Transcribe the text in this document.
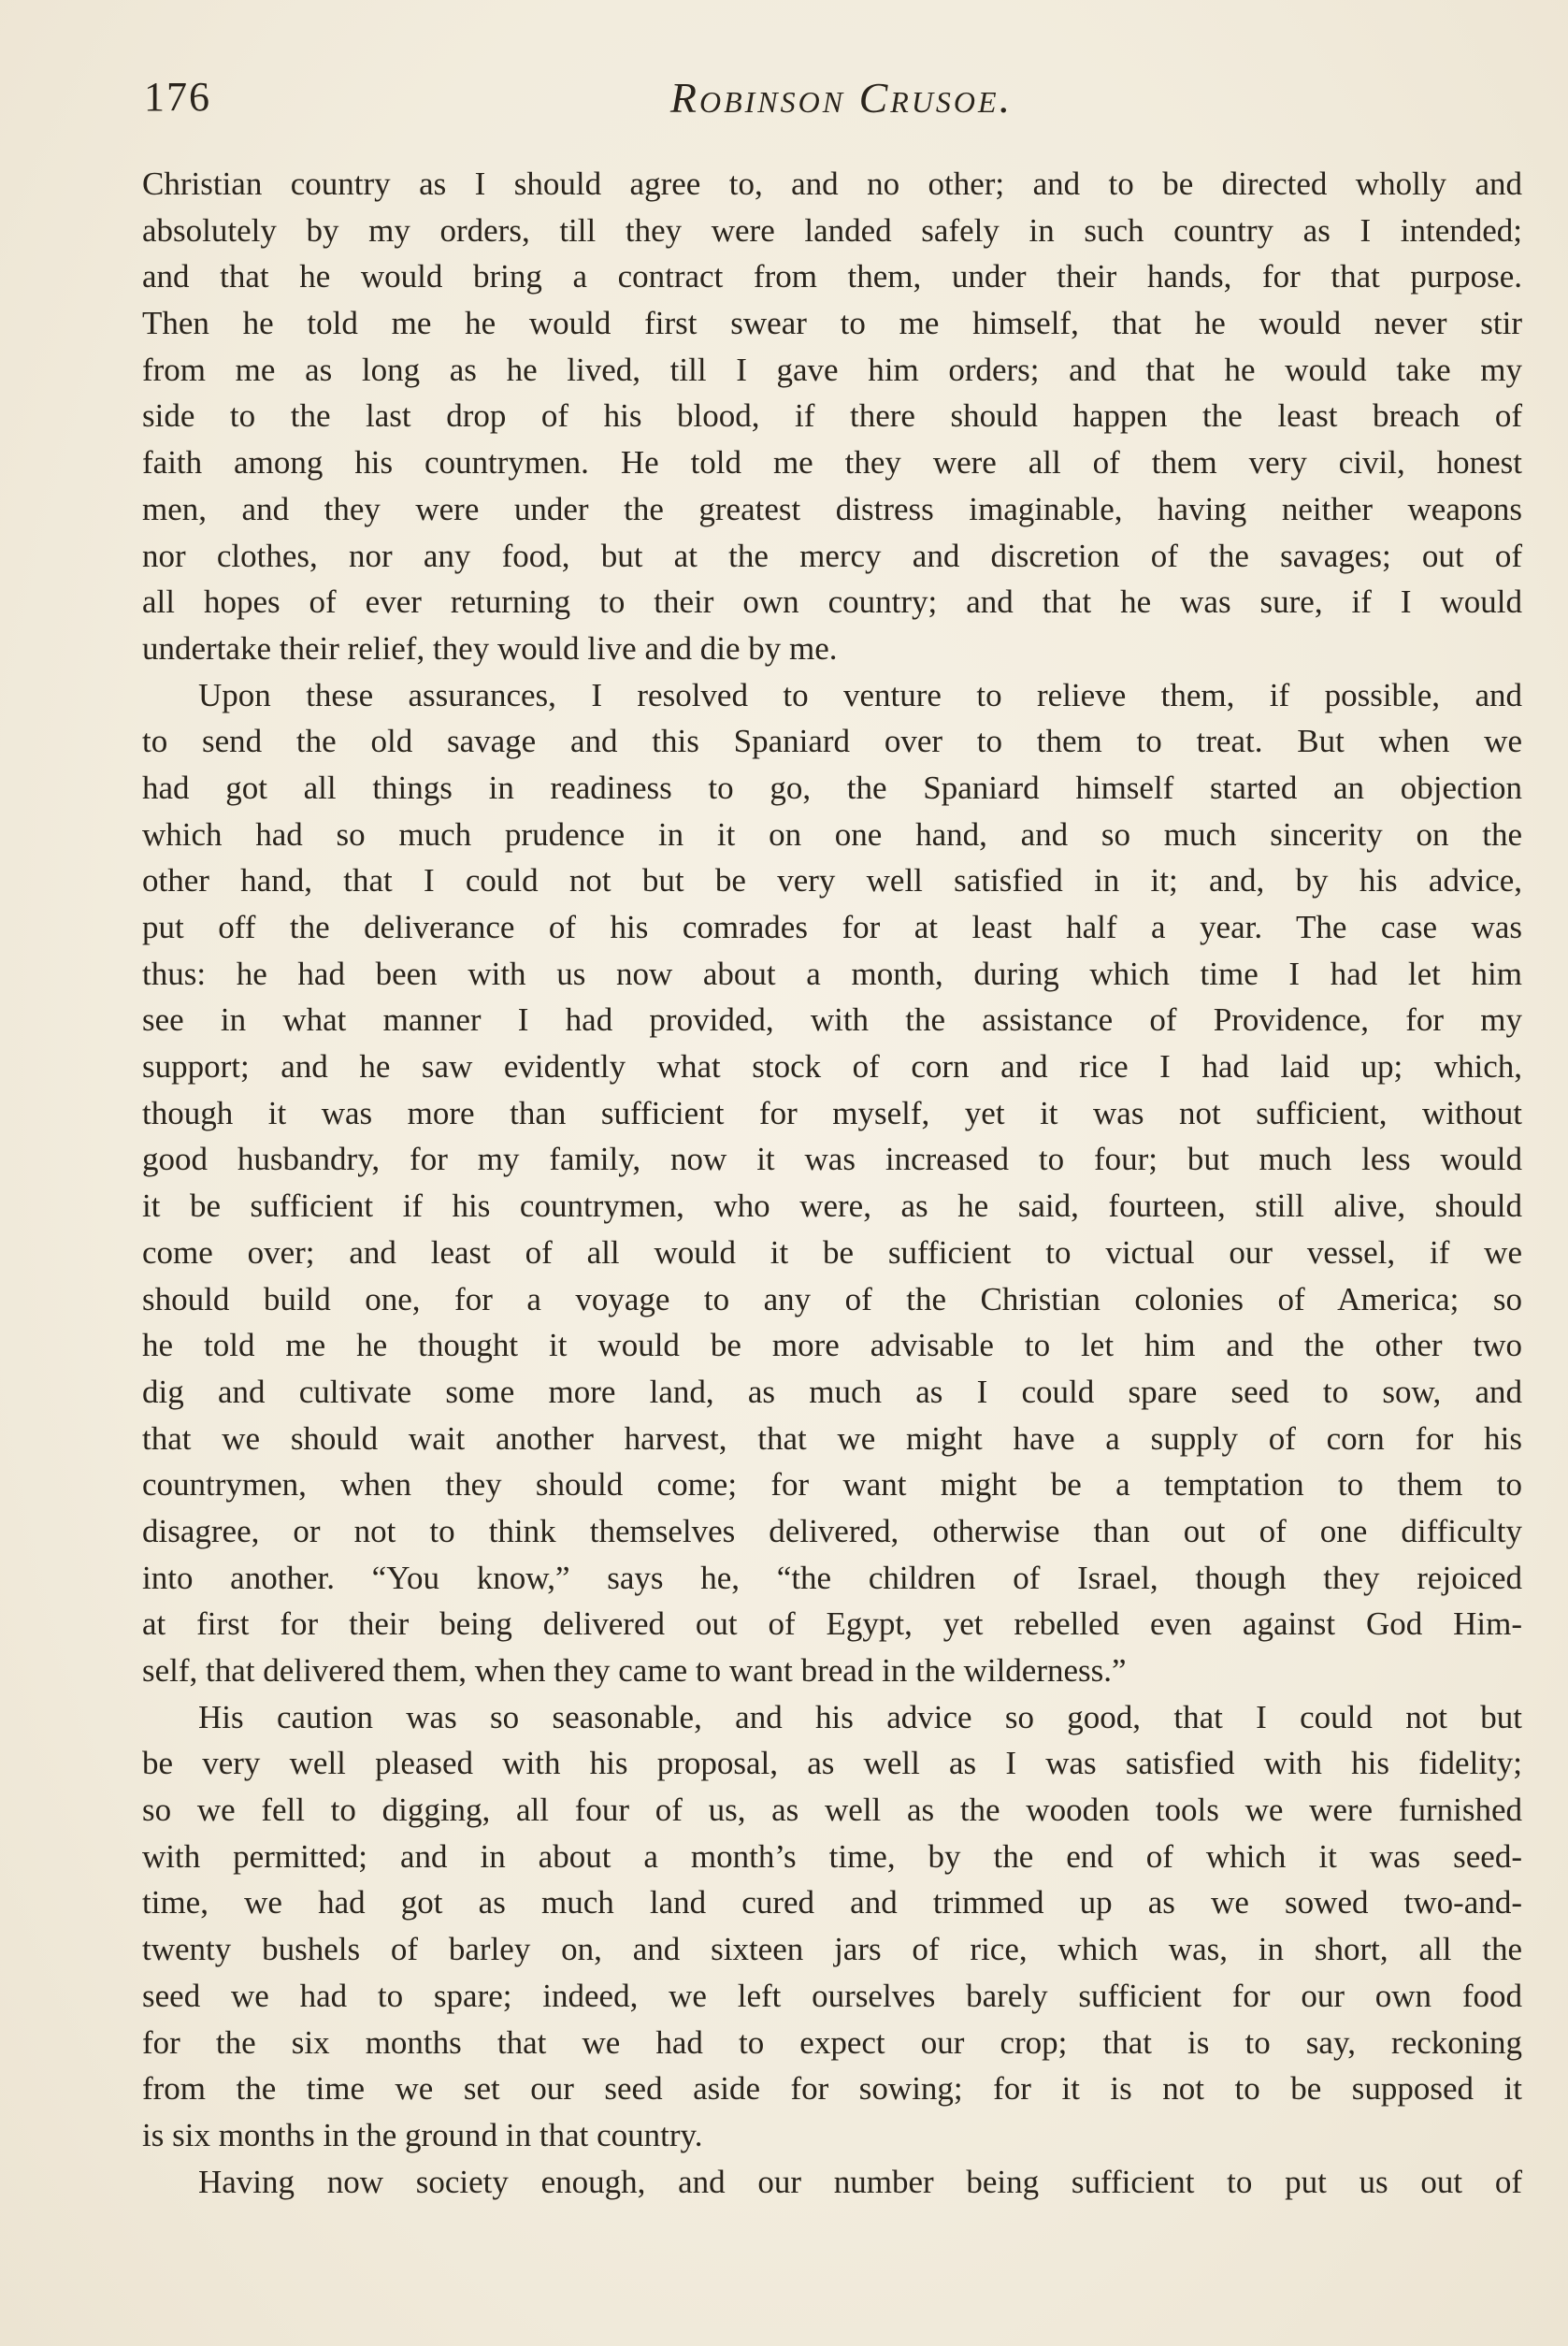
176	Robinson Crusoe.
Christian country as I should agree to, and no other; and to be directed wholly and
absolutely by my orders, till they were landed safely in such country as I intended;
and that he would bring a contract from them, under their hands, for that purpose.
Then he told me he would first swear to me himself, that he would never stir
from me as long as he lived, till I gave him orders; and that he would take my
side to the last drop of his blood, if there should happen the least breach of
faith among his countrymen. He told me they were all of them very civil, honest
men, and they were under the greatest distress imaginable, having neither weapons
nor clothes, nor any food, but at the mercy and discretion of the savages; out of
all hopes of ever returning to their own country; and that he was sure, if I would
undertake their relief, they would live and die by me.
Upon these assurances, I resolved to venture to relieve them, if possible, and
to send the old savage and this Spaniard over to them to treat. But when we
had got all things in readiness to go, the Spaniard himself started an objection
which had so much prudence in it on one hand, and so much sincerity on the
other hand, that I could not but be very well satisfied in it; and, by his advice,
put off the deliverance of his comrades for at least half a year. The case was
thus: he had been with us now about a month, during which time I had let him
see in what manner I had provided, with the assistance of Providence, for my
support; and he saw evidently what stock of corn and rice I had laid up; which,
though it was more than sufficient for myself, yet it was not sufficient, without
good husbandry, for my family, now it was increased to four; but much less would
it be sufficient if his countrymen, who were, as he said, fourteen, still alive, should
come over; and least of all would it be sufficient to victual our vessel, if we
should build one, for a voyage to any of the Christian colonies of America; so
he told me he thought it would be more advisable to let him and the other two
dig and cultivate some more land, as much as I could spare seed to sow, and
that we should wait another harvest, that we might have a supply of corn for his
countrymen, when they should come; for want might be a temptation to them to
disagree, or not to think themselves delivered, otherwise than out of one difficulty
into another. “You know,” says he, “the children of Israel, though they rejoiced
at first for their being delivered out of Egypt, yet rebelled even against God Him-
self, that delivered them, when they came to want bread in the wilderness.”
His caution was so seasonable, and his advice so good, that I could not but
be very well pleased with his proposal, as well as I was satisfied with his fidelity;
so we fell to digging, all four of us, as well as the wooden tools we were furnished
with permitted; and in about a month’s time, by the end of which it was seed-
time, we had got as much land cured and trimmed up as we sowed two-and-
twenty bushels of barley on, and sixteen jars of rice, which was, in short, all the
seed we had to spare; indeed, we left ourselves barely sufficient for our own food
for the six months that we had to expect our crop; that is to say, reckoning
from the time we set our seed aside for sowing; for it is not to be supposed it
is six months in the ground in that country.
Having now society enough, and our number being sufficient to put us out of
